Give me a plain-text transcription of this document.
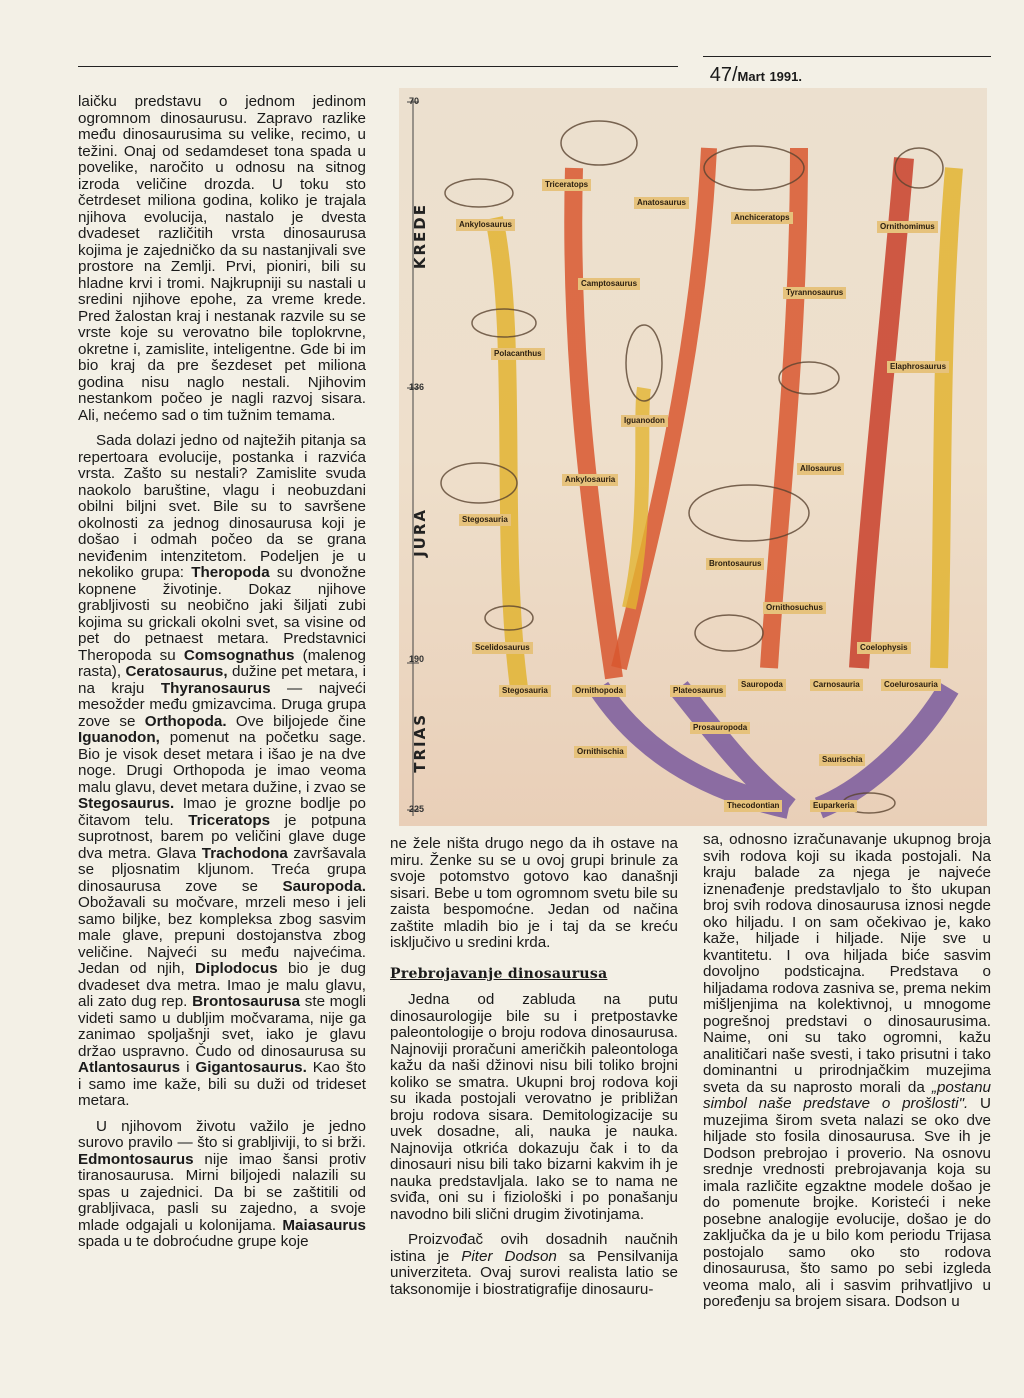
47/Mart 1991.

laičku predstavu o jednom jedinom ogromnom dinosaurusu. Zapravo razlike među dinosaurusima su velike, recimo, u težini. Onaj od sedamdeset tona spada u povelike, naročito u odnosu na sitnog izroda veličine drozda. U toku sto četrdeset miliona godina, koliko je trajala njihova evolucija, nastalo je dvesta dvadeset različitih vrsta dinosaurusa kojima je zajedničko da su nastanjivali sve prostore na Zemlji. Prvi, pioniri, bili su hladne krvi i tromi. Najkrupniji su nastali u sredini njihove epohe, za vreme krede. Pred žalostan kraj i nestanak razvile su se vrste koje su verovatno bile toplokrvne, okretne i, zamislite, inteligentne. Gde bi im bio kraj da pre šezdeset pet miliona godina nisu naglo nestali. Njihovim nestankom počeo je nagli razvoj sisara. Ali, nećemo sad o tim tužnim temama.

Sada dolazi jedno od najtežih pitanja sa repertoara evolucije, postanka i razvića vrsta. Zašto su nestali? Zamislite svuda naokolo baruštine, vlagu i neobuzdani obilni biljni svet. Bile su to savršene okolnosti za jednog dinosaurusa koji je došao i odmah počeo da se grana neviđenim intenzitetom. Podeljen je u nekoliko grupa: Theropoda su dvonožne kopnene životinje. Dokaz njihove grabljivosti su neobično jaki šiljati zubi kojima su grickali okolni svet, sa visine od pet do petnaest metara. Predstavnici Theropoda su Comsognathus (malenog rasta), Ceratosaurus, dužine pet metara, i na kraju Thyranosaurus — najveći mesožder među gmizavcima. Druga grupa zove se Orthopoda. Ove biljojede čine Iguanodon, pomenut na početku sage. Bio je visok deset metara i išao je na dve noge. Drugi Orthopoda je imao veoma malu glavu, devet metara dužine, i zvao se Stegosaurus. Imao je grozne bodlje po čitavom telu. Triceratops je potpuna suprotnost, barem po veličini glave duge dva metra. Glava Trachodona završavala se pljosnatim kljunom. Treća grupa dinosaurusa zove se Sauropoda. Obožavali su močvare, mrzeli meso i jeli samo biljke, bez kompleksa zbog sasvim male glave, prepuni dostojanstva zbog veličine. Najveći su među najvećima. Jedan od njih, Diplodocus bio je dug dvadeset dva metra. Imao je malu glavu, ali zato dug rep. Brontosaurusa ste mogli videti samo u dubljim močvarama, nije ga zanimao spoljašnji svet, iako je glavu držao uspravno. Čudo od dinosaurusa su Atlantosaurus i Gigantosaurus. Kao što i samo ime kaže, bili su duži od trideset metara.

U njihovom životu važilo je jedno surovo pravilo — što si grabljiviji, to si brži. Edmontosaurus nije imao šansi protiv tiranosaurusa. Mirni biljojedi nalazili su spas u zajednici. Da bi se zaštitili od grabljivaca, pasli su zajedno, a svoje mlade odgajali u kolonijama. Maiasaurus spada u te dobroćudne grupe koje

KREDE
JURA
TRIAS
70
136
190
225
Triceratops
Ankylosaurus
Anatosaurus
Anchiceratops
Ornithomimus
Camptosaurus
Tyrannosaurus
Polacanthus
Elaphrosaurus
Iguanodon
Allosaurus
Ankylosauria
Stegosauria
Brontosaurus
Ornithosuchus
Scelidosaurus	Coelophysis
Stegosauria	Ornithopoda	Plateosaurus
Sauropoda	Carnosauria	Coelurosauria
Prosauropoda
Ornithischia
Saurischia
Thecodontian	Euparkeria

ne žele ništa drugo nego da ih ostave na miru. Ženke su se u ovoj grupi brinule za svoje potomstvo gotovo kao današnji sisari. Bebe u tom ogromnom svetu bile su zaista bespomoćne. Jedan od načina zaštite mladih bio je i taj da se kreću isključivo u sredini krda.

Prebrojavanje dinosaurusa

Jedna od zabluda na putu dinosaurologije bile su i pretpostavke paleontologije o broju rodova dinosaurusa. Najnoviji proračuni američkih paleontologa kažu da naši džinovi nisu bili toliko brojni koliko se smatra. Ukupni broj rodova koji su ikada postojali verovatno je približan broju rodova sisara. Demitologizacije su uvek dosadne, ali, nauka je nauka. Najnovija otkrića dokazuju čak i to da dinosauri nisu bili tako bizarni kakvim ih je nauka predstavljala. Iako se to nama ne sviđa, oni su i fiziološki i po ponašanju navodno bili slični drugim životinjama.

Proizvođač ovih dosadnih naučnih istina je Piter Dodson sa Pensilvanija univerziteta. Ovaj surovi realista latio se taksonomije i biostratigrafije dinosauru-

sa, odnosno izračunavanje ukupnog broja svih rodova koji su ikada postojali. Na kraju balade za njega je najveće iznenađenje predstavljalo to što ukupan broj svih rodova dinosaurusa iznosi negde oko hiljadu. I on sam očekivao je, kako kaže, hiljade i hiljade. Nije sve u kvantitetu. I ova hiljada biće sasvim dovoljno podsticajna. Predstava o hiljadama rodova zasniva se, prema nekim mišljenjima na kolektivnoj, u mnogome pogrešnoj predstavi o dinosaurusima. Naime, oni su tako ogromni, kažu analitičari naše svesti, i tako prisutni i tako dominantni u prirodnjačkim muzejima sveta da su naprosto morali da „postanu simbol naše predstave o prošlosti". U muzejima širom sveta nalazi se oko dve hiljade sto fosila dinosaurusa. Sve ih je Dodson prebrojao i proverio. Na osnovu srednje vrednosti prebrojavanja koja su imala različite egzaktne modele došao je do pomenute brojke. Koristeći i neke posebne analogije evolucije, došao je do zaključka da je u bilo kom periodu Trijasa postojalo samo oko sto rodova dinosaurusa, što samo po sebi izgleda veoma malo, ali i sasvim prihvatljivo u poređenju sa brojem sisara. Dodson u
